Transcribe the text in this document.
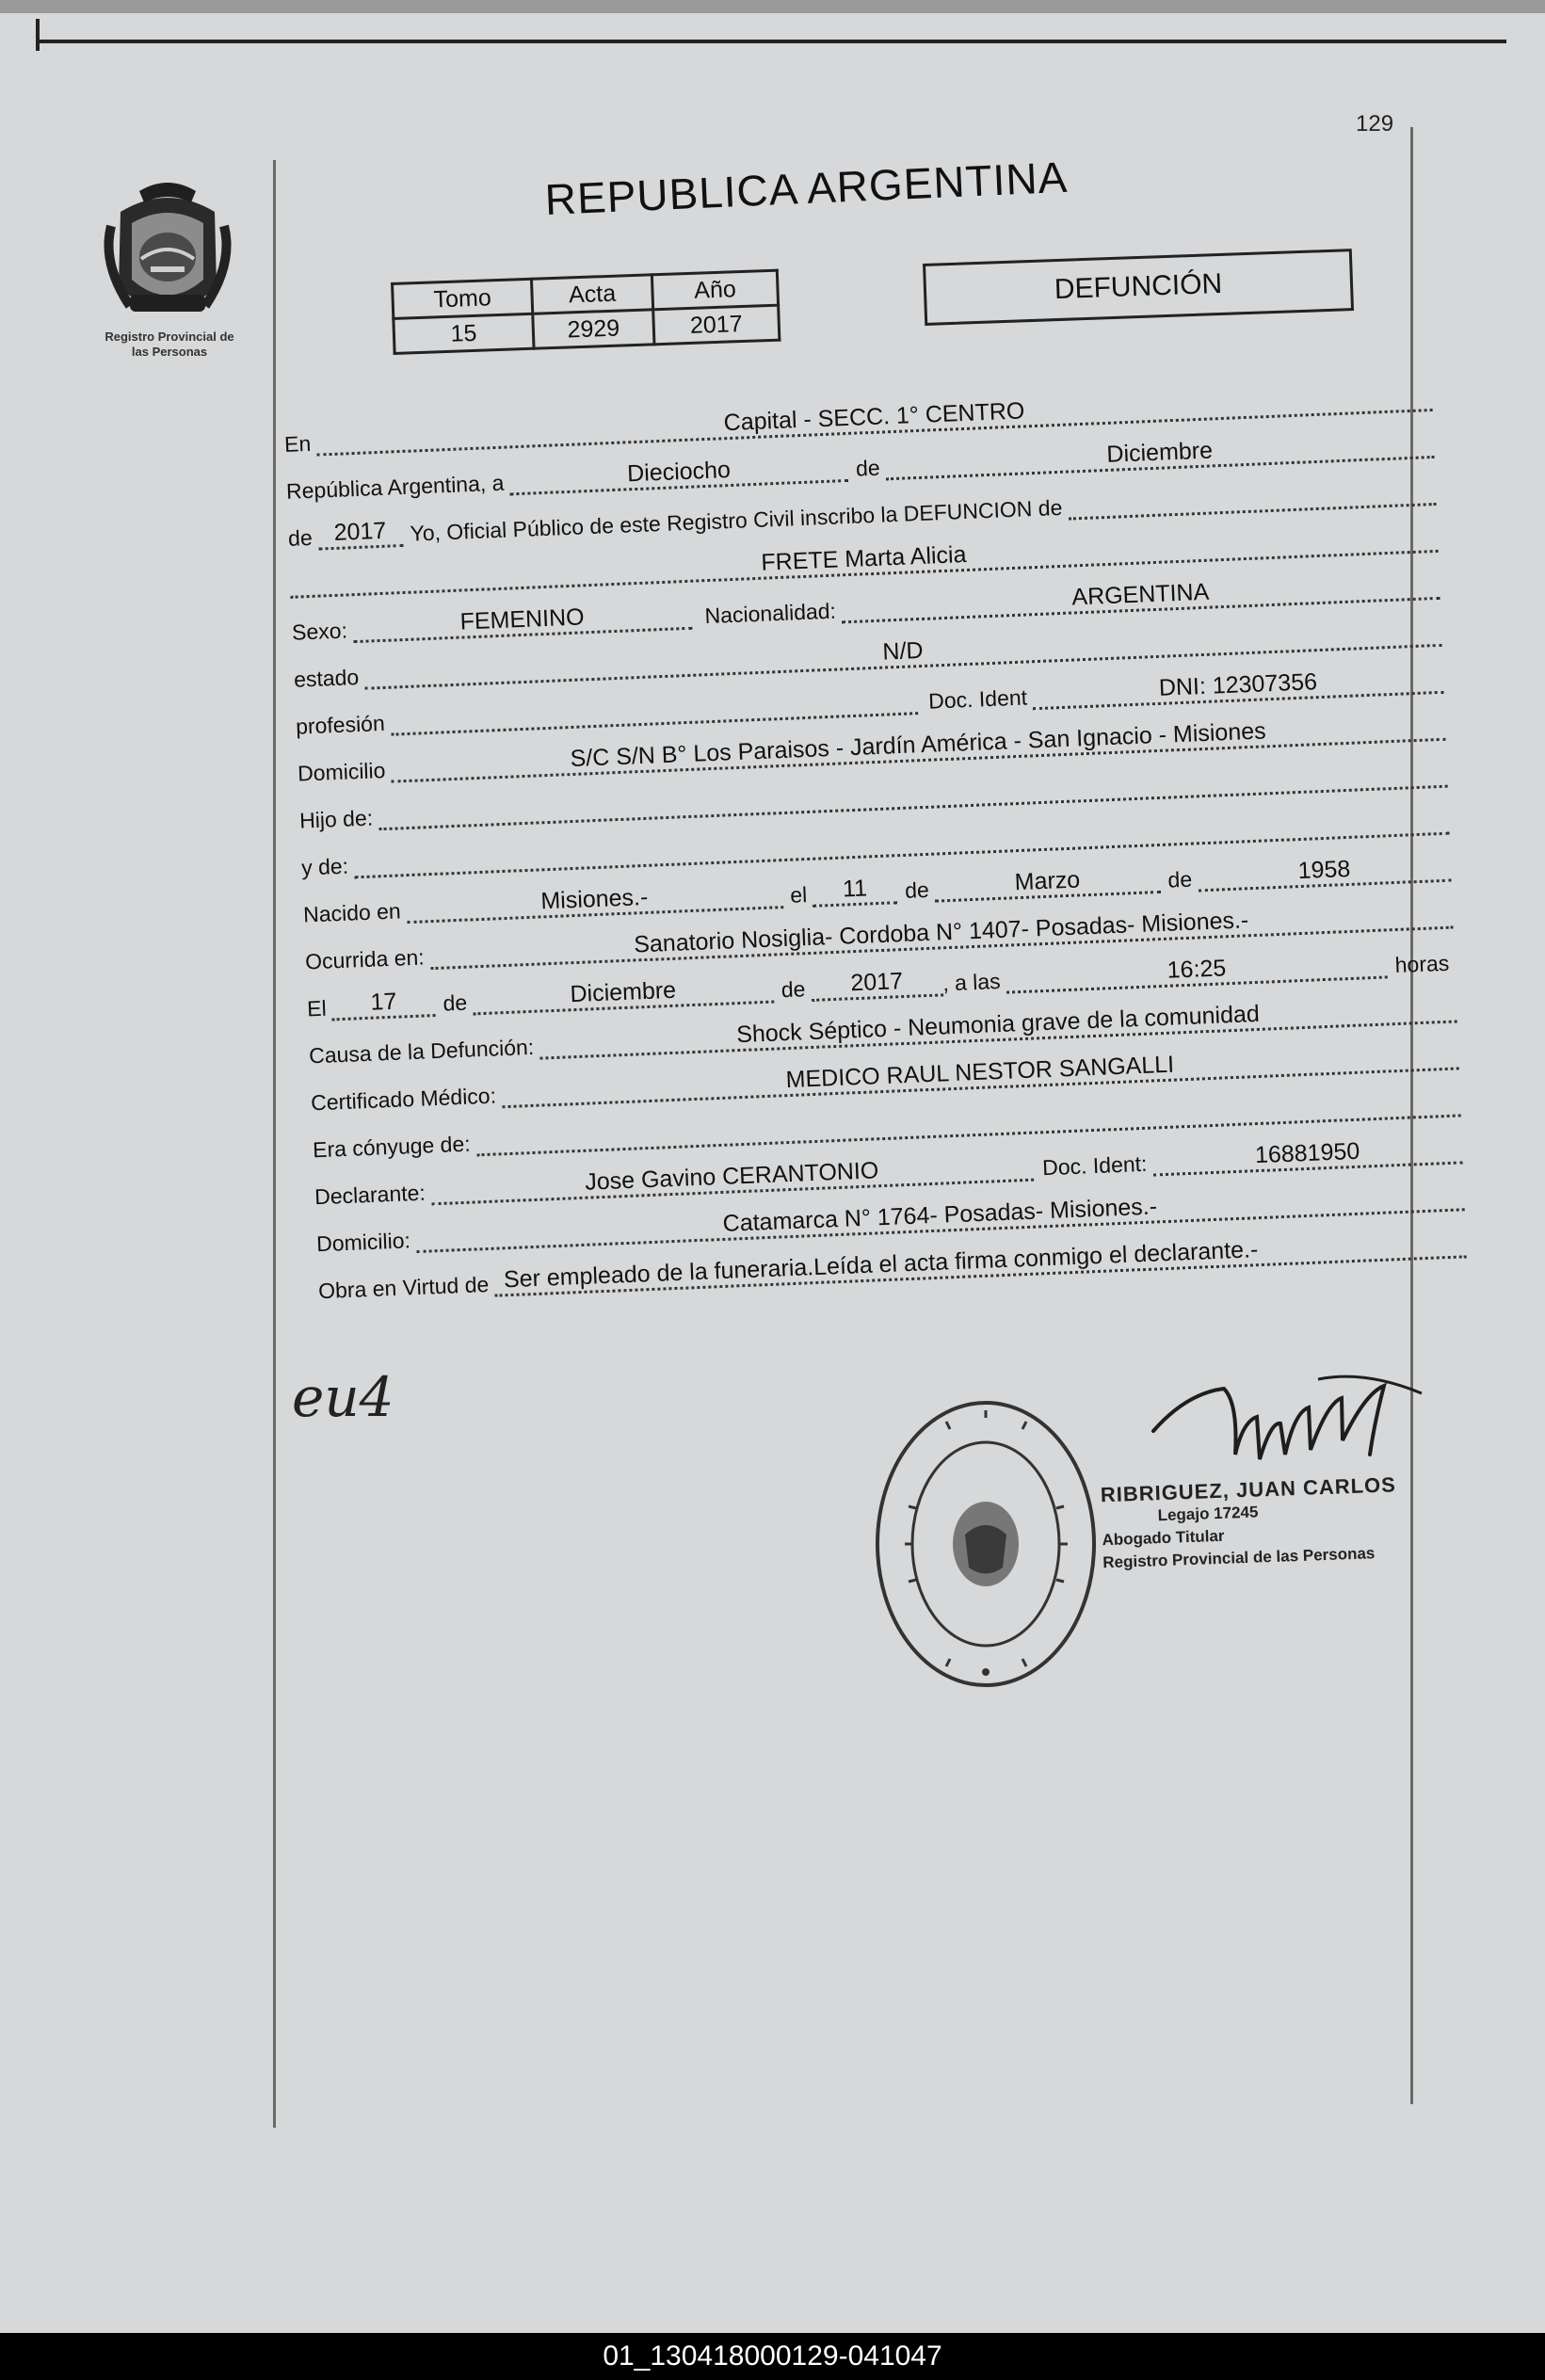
129
Registro Provincial de
las Personas
REPUBLICA ARGENTINA
Tomo	Acta	Año
15	2929	2017
DEFUNCIÓN
En
Capital - SECC. 1° CENTRO
República Argentina, a	Dieciocho	de
Diciembre
de 2017	Yo, Oficial Público de este Registro Civil inscribo la DEFUNCION de
FRETE Marta Alicia
Sexo:	FEMENINO	Nacionalidad:
ARGENTINA
estado
N/D
profesión
Doc. Ident	DNI: 12307356
Domicilio	S/C S/N B° Los Paraisos - Jardín América - San Ignacio - Misiones
Hijo de:
y de:
Nacido en	Misiones.-	el	11	de	Marzo	de	1958
Ocurrida en:
Sanatorio Nosiglia- Cordoba N° 1407- Posadas- Misiones.-
El	17	de	Diciembre	de	2017	, a las	16:25	horas
Causa de la Defunción:
Shock Séptico - Neumonia grave de la comunidad
Certificado Médico:
MEDICO RAUL NESTOR SANGALLI
Era cónyuge de:
Declarante:	Jose Gavino CERANTONIO	Doc. Ident:	16881950
Domicilio:
Catamarca N° 1764- Posadas- Misiones.-
Obra en Virtud de Ser empleado de la funeraria.Leída el acta firma conmigo el declarante.-
eu4
RIBRIGUEZ, JUAN CARLOS
Legajo 17245
Abogado Titular
Registro Provincial de las Personas
01_130418000129-041047
